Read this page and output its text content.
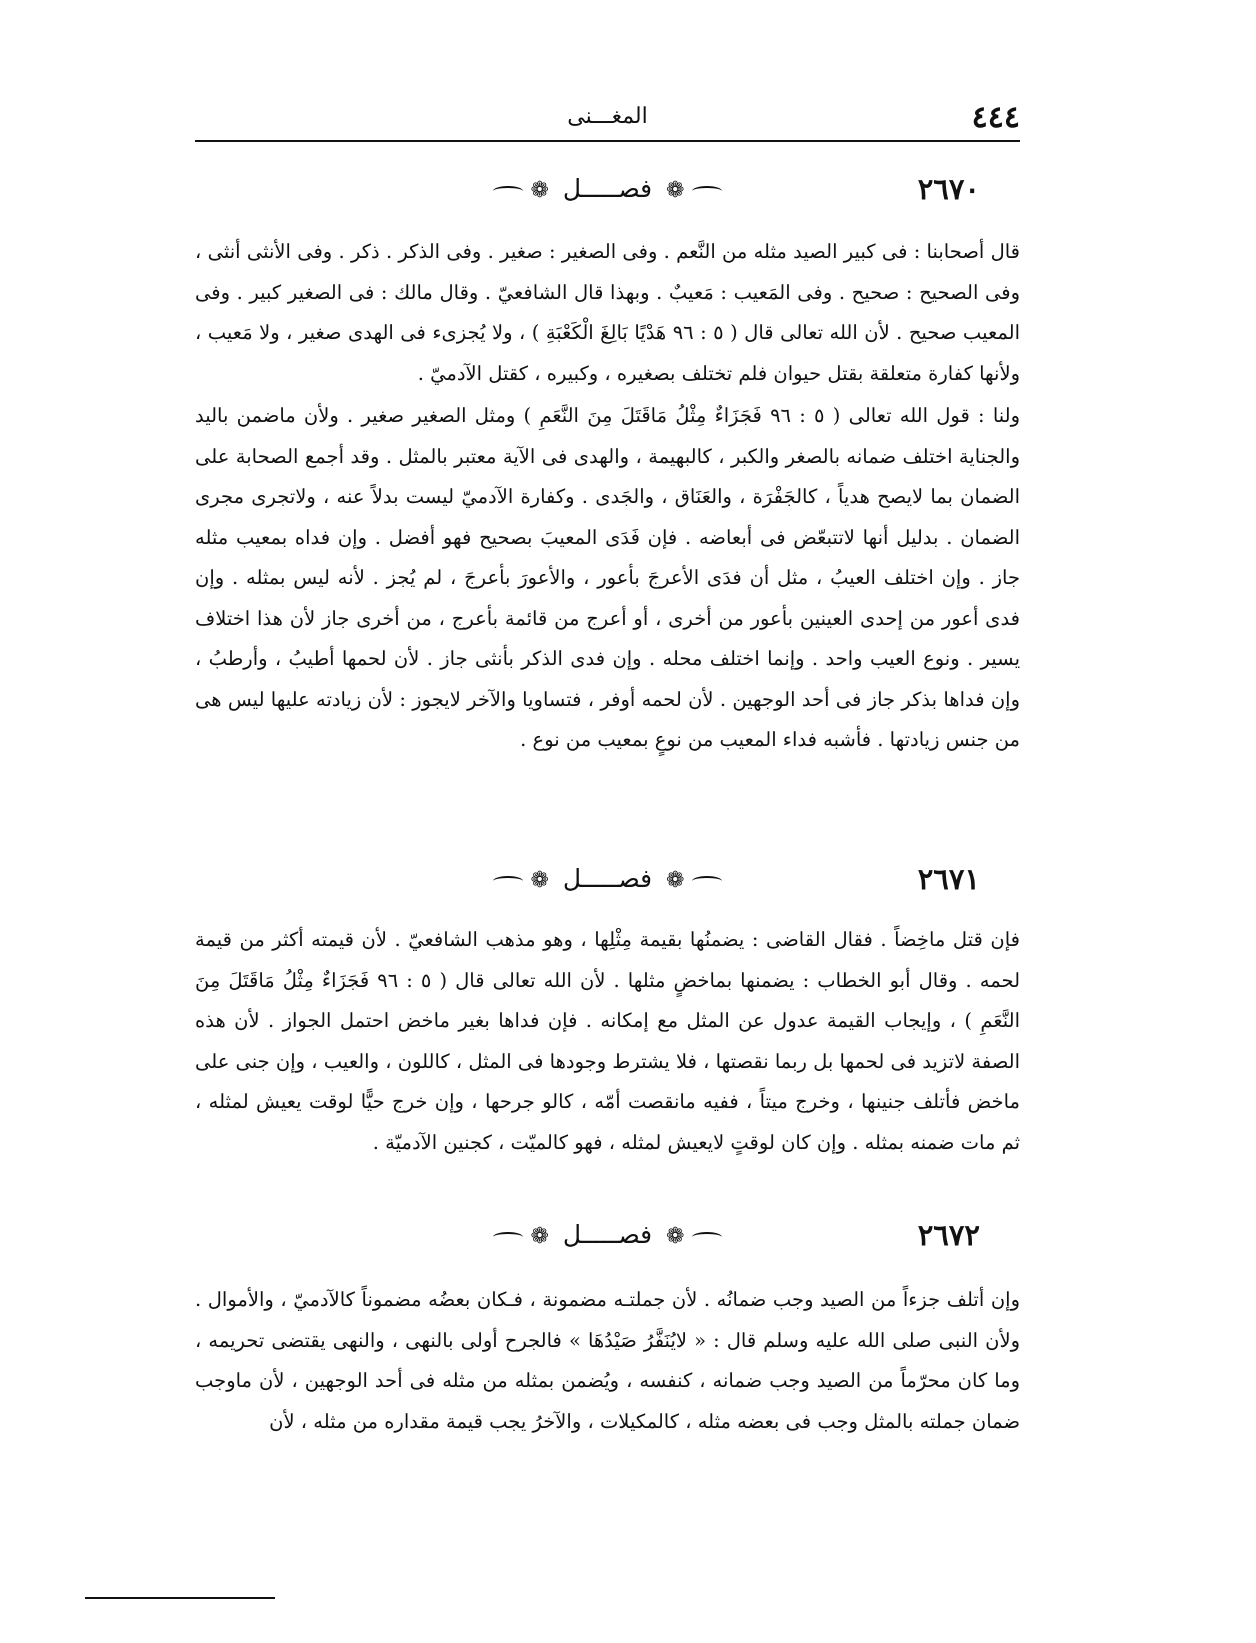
٤٤٤
المغـــنى
٢٦٧٠
❁ فصـــــل ❁

قال أصحابنا : فى كبير الصيد مثله من النَّعم . وفى الصغير : صغير . وفى الذكر . ذكر . وفى الأنثى أنثى ، وفى الصحيح : صحيح . وفى المَعيب : مَعيبٌ . وبهذا قال الشافعيّ . وقال مالك : فى الصغير كبير . وفى المعيب صحيح . لأن الله تعالى قال ( ٥ : ٩٦ هَدْيًا بَالِغَ الْكَعْبَةِ ) ، ولا يُجزىء فى الهدى صغير ، ولا مَعيب ، ولأنها كفارة متعلقة بقتل حيوان فلم تختلف بصغيره ، وكبيره ، كقتل الآدميّ .

ولنا : قول الله تعالى ( ٥ : ٩٦ فَجَزَاءٌ مِثْلُ مَاقَتَلَ مِنَ النَّعَمِ ) ومثل الصغير صغير . ولأن ماضمن باليد والجناية اختلف ضمانه بالصغر والكبر ، كالبهيمة ، والهدى فى الآية معتبر بالمثل . وقد أجمع الصحابة على الضمان بما لايصح هدياً ، كالجَفْرَة ، والعَنَاق ، والجَدى . وكفارة الآدميّ ليست بدلاً عنه ، ولاتجرى مجرى الضمان . بدليل أنها لاتتبعّض فى أبعاضه . فإن فَدَى المعيبَ بصحيح فهو أفضل . وإن فداه بمعيب مثله جاز . وإن اختلف العيبُ ، مثل أن فدَى الأعرجَ بأعور ، والأعورَ بأعرجَ ، لم يُجز . لأنه ليس بمثله . وإن فدى أعور من إحدى العينين بأعور من أخرى ، أو أعرج من قائمة بأعرج ، من أخرى جاز لأن هذا اختلاف يسير . ونوع العيب واحد . وإنما اختلف محله . وإن فدى الذكر بأنثى جاز . لأن لحمها أطيبُ ، وأرطبُ ، وإن فداها بذكر جاز فى أحد الوجهين . لأن لحمه أوفر ، فتساويا والآخر لايجوز : لأن زيادته عليها ليس هى من جنس زيادتها . فأشبه فداء المعيب من نوعٍ بمعيب من نوع .

٢٦٧١
❁ فصـــــل ❁

فإن قتل ماخِضاً . فقال القاضى : يضمنُها بقيمة مِثْلِها ، وهو مذهب الشافعيّ . لأن قيمته أكثر من قيمة لحمه . وقال أبو الخطاب : يضمنها بماخضٍ مثلها . لأن الله تعالى قال ( ٥ : ٩٦ فَجَزَاءٌ مِثْلُ مَاقَتَلَ مِنَ النَّعَمِ ) ، وإيجاب القيمة عدول عن المثل مع إمكانه . فإن فداها بغير ماخض احتمل الجواز . لأن هذه الصفة لاتزيد فى لحمها بل ربما نقصتها ، فلا يشترط وجودها فى المثل ، كاللون ، والعيب ، وإن جنى على ماخض فأتلف جنينها ، وخرج ميتاً ، ففيه مانقصت أمّه ، كالو جرحها ، وإن خرج حيًّا لوقت يعيش لمثله ، ثم مات ضمنه بمثله . وإن كان لوقتٍ لايعيش لمثله ، فهو كالميّت ، كجنين الآدميّة .

٢٦٧٢
❁ فصـــــل ❁

وإن أتلف جزءاً من الصيد وجب ضمانُه . لأن جملتـه مضمونة ، فـكان بعضُه مضموناً كالآدميّ ، والأموال . ولأن النبى صلى الله عليه وسلم قال : « لايُنَفَّرُ صَيْدُهَا » فالجرح أولى بالنهى ، والنهى يقتضى تحريمه ، وما كان محرّماً من الصيد وجب ضمانه ، كنفسه ، ويُضمن بمثله من مثله فى أحد الوجهين ، لأن ماوجب ضمان جملته بالمثل وجب فى بعضه مثله ، كالمكيلات ، والآخرُ يجب قيمة مقداره من مثله ، لأن
